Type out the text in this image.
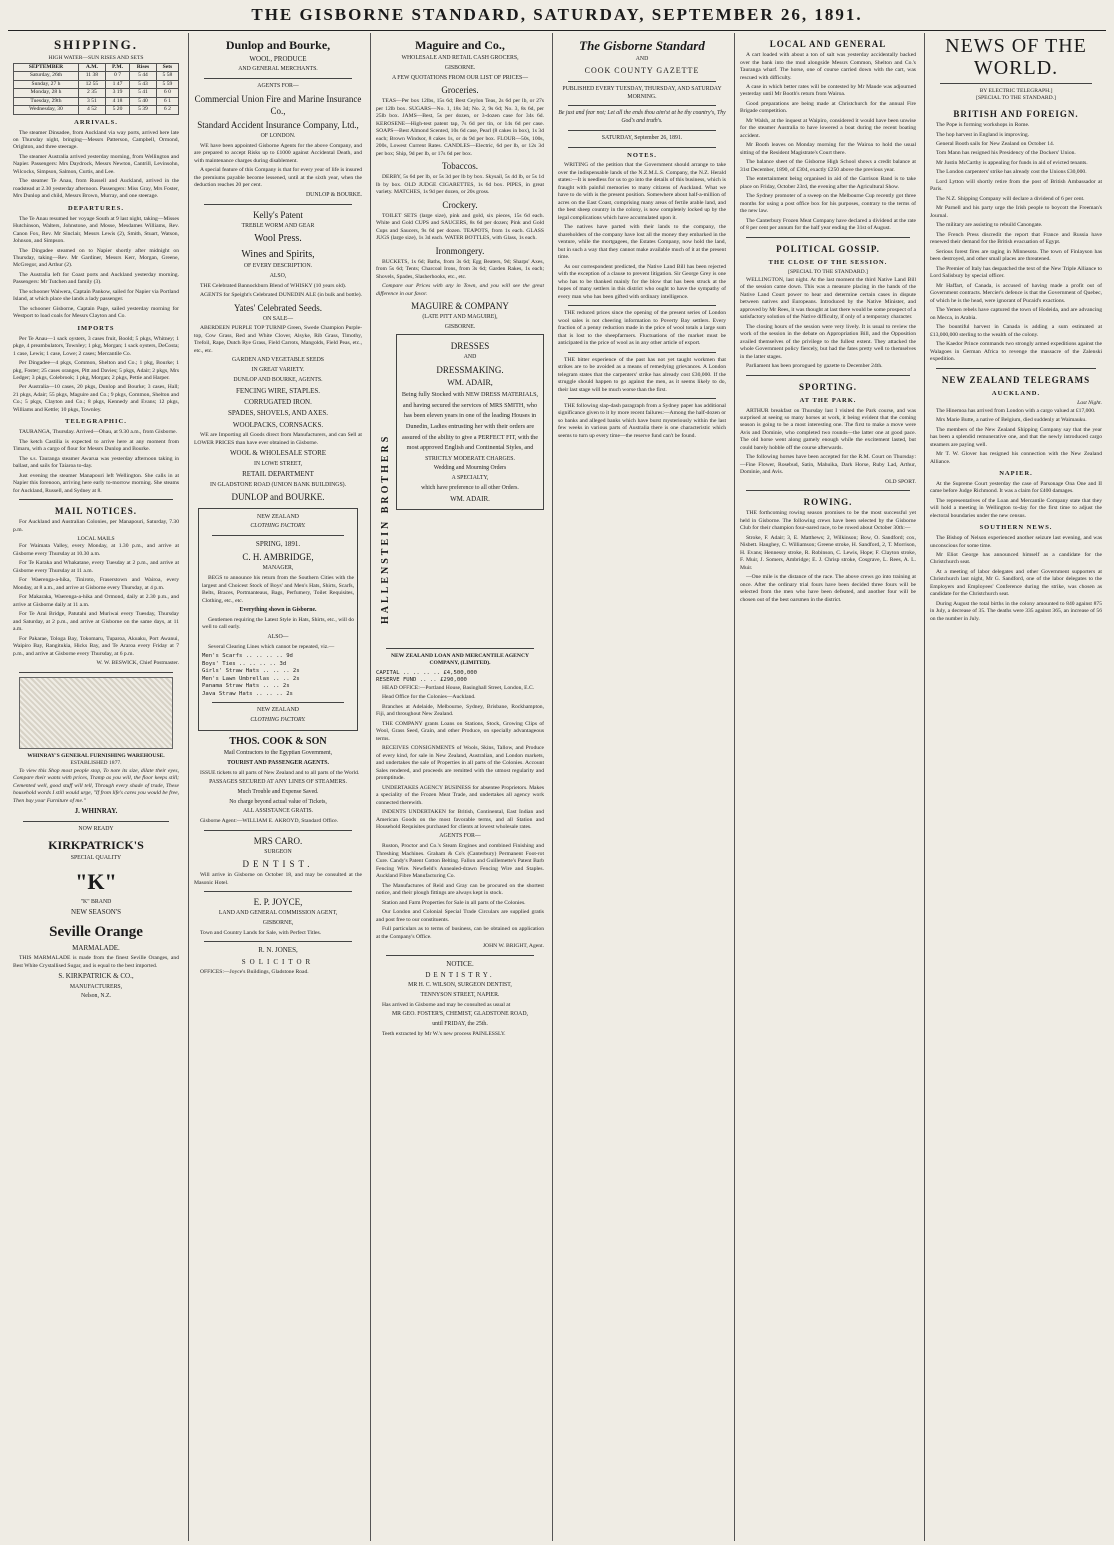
THE GISBORNE STANDARD, SATURDAY, SEPTEMBER 26, 1891.
SHIPPING.
HIGH WATER—SUN RISES AND SETS
SEPTEMBER	A.M.	P.M.	Rises	Sets
Saturday, 26th	11 38	0 7	5 44	5 58
Sunday, 27 h	12 55	1 47	5 43	5 59
Monday, 28 h	2 35	3 19	5 41	6 0
Tuesday, 29th	3 51	4 18	5 40	6 1
Wednesday, 30	4 52	5 20	5 39	6 2
ARRIVALS.

The steamer Dinsadee, from Auckland via way ports, arrived here late on Thursday night, bringing—Messrs Patterson, Campbell, Ormond, Orighton, and three steerage.

The steamer Australia arrived yesterday morning, from Wellington and Napier. Passengers: Mrs Daydrock, Messrs Newton, Cantrill, Levinsohn, Wilcocks, Simpson, Salmon, Curtis, and Lee.

The steamer Te Anau, from Russell and Auckland, arrived in the roadstead at 2.30 yesterday afternoon. Passengers: Miss Gray, Mrs Foster, Mrs Dunlop and child, Messrs Brown, Murray, and one steerage.

DEPARTURES.

The Te Anau resumed her voyage South at 9 last night, taking—Misses Hutchinson, Walters, Johnstone, and Mosse, Mesdames Williams, Rev. Canon Fox, Rev. Mr Sinclair, Messrs Lewis (2), Smith, Stuart, Watson, Johnson, and Simpson.

The Dingadee steamed on to Napier shortly after midnight on Thursday, taking—Rev. Mr Gardiner, Messrs Kerr, Morgan, Greene, McGregor, and Arthur (2).

The Australia left for Coast ports and Auckland yesterday morning. Passengers: Mr Tutchen and family (3).

The schooner Waiwera, Captain Pankow, sailed for Napier via Portland Island, at which place she lands a lady passenger.

The schooner Gisborne, Captain Page, sailed yesterday morning for Westport to load coals for Messrs Clayton and Co.

IMPORTS

Per Te Anau—1 sack oysters, 3 cases fruit, Boold; 5 pkgs, Whitney; 1 pkge, 4 preambulators, Townley; 1 pkg, Morgan; 1 sack oysters, DeCosta; 1 case, Lewis; 1 case, Lowe; 2 cases; Mercantile Co.

Per Dingadee—4 pkgs, Common, Shelton and Co.; 1 pkg, Bourke; 1 pkg, Foster; 25 cases oranges, Pitt and Davies; 5 pkgs, Adair; 2 pkgs, Mrs Ledger; 3 pkgs, Colebrook; 1 pkg, Morgan; 2 pkgs, Pettie and Harper.

Per Australia—10 cases, 20 pkgs, Dunlop and Bourke; 3 cases, Hall; 21 pkgs, Adair; 55 pkgs, Maguire and Co.; 9 pkgs, Common, Shelton and Co.; 5 pkgs, Clayton and Co.; 8 pkgs, Kennedy and Evans; 12 pkgs, Williams and Kettle; 10 pkgs, Townley.

TELEGRAPHIC.

TAURANGA, Thursday. Arrived—Ohau, at 9.30 a.m., from Gisborne.

The ketch Castilia is expected to arrive here at any moment from Timaru, with a cargo of flour for Messrs Dunlop and Bourke.

The s.s. Tauranga steamer Awarua was yesterday afternoon taking in ballast, and sails for Taiaroa to-day.

Just evening the steamer Manapouri left Wellington. She calls in at Napier this forenoon, arriving here early to-morrow morning. She steams for Auckland, Russell, and Sydney at 8.

MAIL NOTICES.

For Auckland and Australian Colonies, per Manapouri, Saturday, 7.30 p.m.

LOCAL MAILS

For Waimata Valley, every Monday, at 1.30 p.m., and arrive at Gisborne every Thursday at 10.30 a.m.

For Te Karaka and Whakatane, every Tuesday at 2 p.m., and arrive at Gisborne every Thursday at 11 a.m.

For Waerenga-a-hika, Tiniroto, Fraserstown and Wairoa, every Monday, at 8 a.m., and arrive at Gisborne every Thursday, at 4 p.m.

For Makaraka, Waerenga-a-hika and Ormond, daily at 2.30 p.m., and arrive at Gisborne daily at 11 a.m.

For Te Arai Bridge, Patutahi and Muriwai every Tuesday, Thursday and Saturday, at 2 p.m., and arrive at Gisborne on the same days, at 11 a.m.

For Pakarae, Tologa Bay, Tokomaru, Tuparoa, Akuaku, Port Awanui, Waipiro Bay, Rangitukia, Hicks Bay, and Te Araroa every Friday at 7 p.m., and arrive at Gisborne every Thursday, at 6 p.m.

W. W. BESWICK, Chief Postmaster.
WHINRAY'S GENERAL FURNISHING WAREHOUSE.
ESTABLISHED 1877.

To view this Shop most people stop, To note its size, dilate their eyes, Compare their wants with prices, Tramp as you will, the floor keeps still; Cemented well, good stuff will tell, Through every shade of trade, These household words I still would urge, "If from life's cares you would be free, Then buy your Furniture of me."

J. WHINRAY.
NOW READY
KIRKPATRICK'S
SPECIAL QUALITY
"K"
"K" BRAND
NEW SEASON'S
Seville Orange
MARMALADE.

THIS MARMALADE is made from the finest Seville Oranges, and Best White Crystallised Sugar, and is equal to the best imported.

S. KIRKPATRICK & CO.,
MANUFACTURERS,
Nelson, N.Z.
Dunlop and Bourke,
WOOL, PRODUCE
AND GENERAL MERCHANTS.
AGENTS FOR—
Commercial Union Fire and Marine Insurance Co.,
Standard Accident Insurance Company, Ltd.,
OF LONDON.

WE have been appointed Gisborne Agents for the above Company, and are prepared to accept Risks up to £1000 against Accidental Death, and with maintenance charges during disablement.

A special feature of this Company is that for every year of life is insured the premiums payable become lessened, until at the sixth year, when the deduction reaches 20 per cent.

DUNLOP & BOURKE.
Kelly's Patent
TREBLE WORM AND GEAR
Wool Press.
Wines and Spirits,
OF EVERY DESCRIPTION.
ALSO,

THE Celebrated Bannockburn Blend of WHISKY (10 years old).

AGENTS for Speight's Celebrated DUNEDIN ALE (in bulk and bottle).

Yates' Celebrated Seeds.
ON SALE—

ABERDEEN PURPLE TOP TURNIP Green, Swede Champion Purple-top, Cow Grass, Red and White Clover, Alsyke, Rib Grass, Timothy, Trefoil, Rape, Dutch Rye Grass, Field Carrots, Mangolds, Field Peas, etc., etc., etc.

GARDEN AND VEGETABLE SEEDS
IN GREAT VARIETY.
DUNLOP AND BOURKE, AGENTS.
FENCING WIRE, STAPLES.
CORRUGATED IRON.
SPADES, SHOVELS, AND AXES.
WOOLPACKS, CORNSACKS.

WE are Importing all Goods direct from Manufacturers, and can Sell at LOWER PRICES than have ever obtained in Gisborne.

WOOL & WHOLESALE STORE
IN LOWE STREET,
RETAIL DEPARTMENT
IN GLADSTONE ROAD (UNION BANK BUILDINGS).
DUNLOP and BOURKE.
NEW ZEALAND
CLOTHING FACTORY.
SPRING, 1891.
C. H. AMBRIDGE,
MANAGER,

BEGS to announce his return from the Southern Cities with the largest and Choicest Stock of Boys' and Men's Hats, Shirts, Scarfs, Belts, Braces, Portmanteaus, Bags, Perfumery, Toilet Requisites, Clothing, etc., etc.

Everything shown in Gisborne.

Gentlemen requiring the Latest Style in Hats, Shirts, etc., will do well to call early.

ALSO—

Several Clearing Lines which cannot be repeated, viz.—

Men's Scarfs .. .. .. .. 9d
Boys' Ties .. .. .. .. 3d
Girls' Straw Hats .. .. .. 2s
Men's Lawn Umbrellas .. .. 2s
Panama Straw Hats .. .. 2s
Java Straw Hats .. .. .. 2s
NEW ZEALAND
CLOTHING FACTORY.
THOS. COOK & SON
Mail Contractors to the Egyptian Government,
TOURIST AND PASSENGER AGENTS.

ISSUE tickets to all parts of New Zealand and to all parts of the World.

PASSAGES SECURED AT ANY LINES OF STEAMERS.
Much Trouble and Expense Saved.
No charge beyond actual value of Tickets,
ALL ASSISTANCE GRATIS.

Gisborne Agent:—WILLIAM E. AKROYD, Standard Office.

MRS CARO.
SURGEON
DENTIST.

Will arrive in Gisborne on October 18, and may be consulted at the Masonic Hotel.

E. P. JOYCE,
LAND AND GENERAL COMMISSION AGENT,
GISBORNE,

Town and Country Lands for Sale, with Perfect Titles.

R. N. JONES,
SOLICITOR

OFFICES:—Joyce's Buildings, Gladstone Road.

Maguire and Co.,
WHOLESALE AND RETAIL CASH GROCERS,
GISBORNE.
A FEW QUOTATIONS FROM OUR LIST OF PRICES—
Groceries.

TEAS—Per box 12lbs, 15s 6d; Best Ceylon Teas, 2s 6d per lb, or 27s per 12lb box. SUGARS—No. 1, 18s 3d; No. 2, 9s 6d; No. 3, 8s 6d, per 25lb box. JAMS—Best, 5s per dozen, or 3-dozen case for 34s 6d. KEROSENE—High-test patent tap, 7s 6d per tin, or 14s 6d per case. SOAPS—Best Almond Scented, 10s 6d case, Pearl (8 cakes in box), 1s 3d each; Brown Windsor, 8 cakes 1s, or 4s 9d per box. FLOUR—50s, 100s, 200s, Lowest Current Rates. CANDLES—Electric, 6d per lb, or 12s 3d per box; Ship, 9d per lb, or 17s 6d per box.

Tobaccos.

DERBY, 5s 6d per lb, or 5s 3d per lb by box. Skysail, 5s 4d lb, or 5s 1d lb by box. OLD JUDGE CIGARETTES, 1s 6d box. PIPES, in great variety. MATCHES, 1s 9d per dozen, or 20s gross.

Crockery.

TOILET SETS (large size), pink and gold, six pieces, 15s 6d each. White and Gold CUPS and SAUCERS, 8s 6d per dozen; Pink and Gold Cups and Saucers, 9s 6d per dozen. TEAPOTS, from 1s each. GLASS JUGS (large size), 1s 3d each. WATER BOTTLES, with Glass, 1s each.

Ironmongery.

BUCKETS, 1s 6d; Baths, from 3s 6d; Egg Beaters, 9d; Sharps' Axes, from 5s 6d; Tents; Charcoal Irons, from 3s 6d; Garden Rakes, 1s each; Shovels, Spades, Slasherhooks, etc., etc.

Compare our Prices with any in Town, and you will see the great difference in our favor.

MAGUIRE & COMPANY
(LATE PITT AND MAGUIRE),
GISBORNE.
DRESSES
AND
DRESSMAKING.
WM. ADAIR,

Being fully Stocked with NEW DRESS MATERIALS, and having secured the services of MRS SMITH, who has been eleven years in one of the leading Houses in Dunedin, Ladies entrusting her with their orders are assured of the ability to give a PERFECT FIT, with the most approved English and Continental Styles, and

STRICTLY MODERATE CHARGES.
Wedding and Mourning Orders
A SPECIALTY,
which have preference to all other Orders.
WM. ADAIR.
HALLENSTEIN BROTHERS

NEW ZEALAND LOAN AND MERCANTILE AGENCY COMPANY, (LIMITED).

CAPITAL .. .. .. .. £4,500,000
RESERVE FUND .. .. £290,000

HEAD OFFICE:—Portland House, Basinghall Street, London, E.C.

Head Office for the Colonies—Auckland.

Branches at Adelaide, Melbourne, Sydney, Brisbane, Rockhampton, Fiji, and throughout New Zealand.

THE COMPANY grants Loans on Stations, Stock, Growing Clips of Wool, Grass Seed, Grain, and other Produce, on specially advantageous terms.

RECEIVES CONSIGNMENTS of Wools, Skins, Tallow, and Produce of every kind, for sale in New Zealand, Australian, and London markets, and undertakes the sale of Properties in all parts of the Colonies. Account Sales rendered, and proceeds are remitted with the utmost regularity and promptitude.

UNDERTAKES AGENCY BUSINESS for absentee Proprietors. Makes a speciality of the Frozen Meat Trade, and undertakes all agency work connected therewith.

INDENTS UNDERTAKEN for British, Continental, East Indian and American Goods on the most favorable terms, and all Station and Household Requisites purchased for clients at lowest wholesale rates.

AGENTS FOR—

Ruston, Proctor and Co.'s Steam Engines and combined Finishing and Threshing Machines. Graham & Co's (Canterbury) Permanent Foot-rot Cure. Candy's Patent Cotton Belting. Fallon and Guillemette's Patent Barb Fencing Wire. Newfield's Annealed-drawn Fencing Wire and Staples. Auckland Fibre Manufacturing Co.

The Manufactures of Reid and Gray can be procured on the shortest notice, and their plough fittings are always kept in stock.

Station and Farm Properties for Sale in all parts of the Colonies.

Our London and Colonial Special Trade Circulars are supplied gratis and post free to our constituents.

Full particulars as to terms of business, can be obtained on application at the Company's Office.

JOHN W. BRIGHT, Agent.
NOTICE.
DENTISTRY.
MR H. C. WILSON, SURGEON DENTIST,
TENNYSON STREET, NAPIER.

Has arrived in Gisborne and may be consulted as usual at

MR GEO. FOSTER'S, CHEMIST, GLADSTONE ROAD,
until FRIDAY, the 25th.

Teeth extracted by Mr W.'s new process PAINLESSLY.

The Gisborne Standard
AND
COOK COUNTY GAZETTE
PUBLISHED EVERY TUESDAY, THURSDAY, AND SATURDAY MORNING.
Be just and fear not; Let all the ends thou aim'st at be thy country's, Thy God's and truth's.
SATURDAY, September 26, 1891.
NOTES.

WRITING of the petition that the Government should arrange to take over the indispensable lands of the N.Z.M.L.S. Company, the N.Z. Herald states:—It is needless for us to go into the details of this business, which is fraught with painful memories to many citizens of Auckland. What we have to do with is the present position. Somewhere about half-a-million of acres on the East Coast, comprising many areas of fertile arable land, and the best sheep country in the colony, is now completely locked up by the legal complications which have accumulated upon it.

The natives have parted with their lands to the company, the shareholders of the company have lost all the money they embarked in the venture, while the mortgagees, the Estates Company, now hold the land, but in such a way that they cannot make available much of it at the present time.

As our correspondent predicted, the Native Land Bill has been rejected with the exception of a clause to prevent litigation. Sir George Grey is one who has to be thanked mainly for the blow that has been struck at the hopes of many settlers in this district who ought to have the sympathy of every man who has been gifted with ordinary intelligence.

THE reduced prices since the opening of the present series of London wool sales is not cheering information to Poverty Bay settlers. Every fraction of a penny reduction made in the price of wool totals a large sum that is lost to the sheepfarmers. Fluctuations of the market must be anticipated in the price of wool as in any other article of export.

THE bitter experience of the past has not yet taught workmen that strikes are to be avoided as a means of remedying grievances. A London telegram states that the carpenters' strike has already cost £30,000. If the struggle should happen to go against the men, as it seems likely to do, their last stage will be much worse than the first.

THE following slap-dash paragraph from a Sydney paper has additional significance given to it by more recent failures:—Among the half-dozen or so banks and alleged banks which have burst mysteriously within the last few weeks in various parts of Australia there is one characteristic which seems to turn up every time—the reserve fund can't be found.

LOCAL AND GENERAL

A cart loaded with about a ton of salt was yesterday accidentally backed over the bank into the mud alongside Messrs Common, Shelton and Co.'s Tauranga wharf. The horse, one of course carried down with the cart, was rescued with difficulty.

A case in which better rates will be contested by Mr Maude was adjourned yesterday until Mr Booth's return from Wairoa.

Good preparations are being made at Christchurch for the annual Fire Brigade competition.

Mr Walsh, at the inquest at Waipiro, considered it would have been unwise for the steamer Australia to have lowered a boat during the recent boating accident.

Mr Booth leaves on Monday morning for the Wairoa to hold the usual sitting of the Resident Magistrate's Court there.

The balance sheet of the Gisborne High School shows a credit balance at 31st December, 1890, of £304, exactly £250 above the previous year.

The entertainment being organised in aid of the Garrison Band is to take place on Friday, October 23rd, the evening after the Agricultural Show.

The Sydney promoter of a sweep on the Melbourne Cup recently got three months for using a post office box for his purposes, contrary to the terms of the new law.

The Canterbury Frozen Meat Company have declared a dividend at the rate of 8 per cent per annum for the half year ending the 31st of August.

POLITICAL GOSSIP.
THE CLOSE OF THE SESSION.
[SPECIAL TO THE STANDARD.]

WELLINGTON, last night. At the last moment the third Native Land Bill of the session came down. This was a measure placing in the hands of the Native Land Court power to hear and determine certain cases in dispute between natives and Europeans. Introduced by the Native Minister, and approved by Mr Rees, it was thought at last there would be some prospect of a satisfactory solution of the Native difficulty, if only of a temporary character.

The closing hours of the session were very lively. It is usual to review the work of the session in the debate on Appropriation Bill, and the Opposition availed themselves of the privilege to the fullest extent. They attacked the whole Government policy fiercely, but had the fates pretty well to themselves in the latter stages.

Parliament has been prorogued by gazette to December 24th.

SPORTING.
AT THE PARK.

ARTHUR breakfast on Thursday last I visited the Park course, and was surprised at seeing so many horses at work, it being evident that the coming season is going to be a most interesting one. The first to make a move were Avis and Dominie, who completed two rounds—the latter one at good pace. The old horse went along gamely enough while the excitement lasted, but could barely hobble off the course afterwards.

The following horses have been accepted for the R.M. Court on Thursday:—Fine Flower, Rosebud, Satin, Mahuika, Dark Horse, Ruby Lad, Arthur, Dominie, and Avis.

OLD SPORT.
ROWING.

THE forthcoming rowing season promises to be the most successful yet held in Gisborne. The following crews have been selected by the Gisborne Club for their champion four-oared race, to be rowed about October 30th:—

Stroke, F. Adair; 3, E. Matthews; 2, Wilkinson; Bow, O. Sandford; cox, Nisbett. Haughey, C. Williamson; Greene stroke, H. Sandford, 2, T. Morrison, H. Evans; Hennessy stroke, R. Robinson, C. Lewis, Hope; F. Clayton stroke, F. Muir, J. Somers, Ambridge; E. J. Chrisp stroke, Cosgrave, L. Rees, A. L. Muir.

—One mile is the distance of the race. The above crews go into training at once. After the ordinary trial fours have been decided three fours will be selected from the men who have been defeated, and another four will be chosen out of the best oarsmen in the district.

NEWS OF THE WORLD.
BY ELECTRIC TELEGRAPH.]
[SPECIAL TO THE STANDARD.]
BRITISH AND FOREIGN.

The Pope is forming workshops in Rome.

The hop harvest in England is improving.

General Booth sails for New Zealand on October 14.

Tom Mann has resigned his Presidency of the Dockers' Union.

Mr Justin McCarthy is appealing for funds in aid of evicted tenants.

The London carpenters' strike has already cost the Unions £30,000.

Lord Lytton will shortly retire from the post of British Ambassador at Paris.

The N.Z. Shipping Company will declare a dividend of 6 per cent.

Mr Parnell and his party urge the Irish people to boycott the Freeman's Journal.

The military are assisting to rebuild Canongate.

The French Press discredit the report that France and Russia have renewed their demand for the British evacuation of Egypt.

Serious forest fires are raging in Minnesota. The town of Finlayson has been destroyed, and other small places are threatened.

The Premier of Italy has despatched the text of the New Triple Alliance to Lord Salisbury by special officer.

Mr Haffart, of Canada, is accused of having made a profit out of Government contracts. Mercier's defence is that the Government of Quebec, of which he is the head, were ignorant of Pucaid's exactions.

The Yemen rebels have captured the town of Hodeida, and are advancing on Mecca, in Arabia.

The bountiful harvest in Canada is adding a sum estimated at £13,000,000 sterling to the wealth of the colony.

The Kaedor Prince commands two strongly armed expeditions against the Walagoes in German Africa to revenge the massacre of the Zalenski expedition.

NEW ZEALAND TELEGRAMS
AUCKLAND.
Last Night.

The Hinemoa has arrived from London with a cargo valued at £17,000.

Mrs Marie Butte, a native of Belgium, died suddenly at Waimauku.

The members of the New Zealand Shipping Company say that the year has been a splendid remunerative one, and that the newly introduced cargo steamers are paying well.

Mr T. W. Glover has resigned his connection with the New Zealand Alliance.

NAPIER.

At the Supreme Court yesterday the case of Parsonage Ona One and II came before Judge Richmond. It was a claim for £400 damages.

The representatives of the Loan and Mercantile Company state that they will hold a meeting in Wellington to-day for the first time to adjust the electoral boundaries under the new census.

SOUTHERN NEWS.

The Bishop of Nelson experienced another seizure last evening, and was unconscious for some time.

Mr Eliot George has announced himself as a candidate for the Christchurch seat.

At a meeting of labor delegates and other Government supporters at Christchurch last night, Mr G. Sandford, one of the labor delegates to the Employers and Employees' Conference during the strike, was chosen as candidate for the Christchurch seat.

During August the total births in the colony amounted to 840 against 875 in July, a decrease of 35. The deaths were 335 against 365, an increase of 56 on the number in July.
